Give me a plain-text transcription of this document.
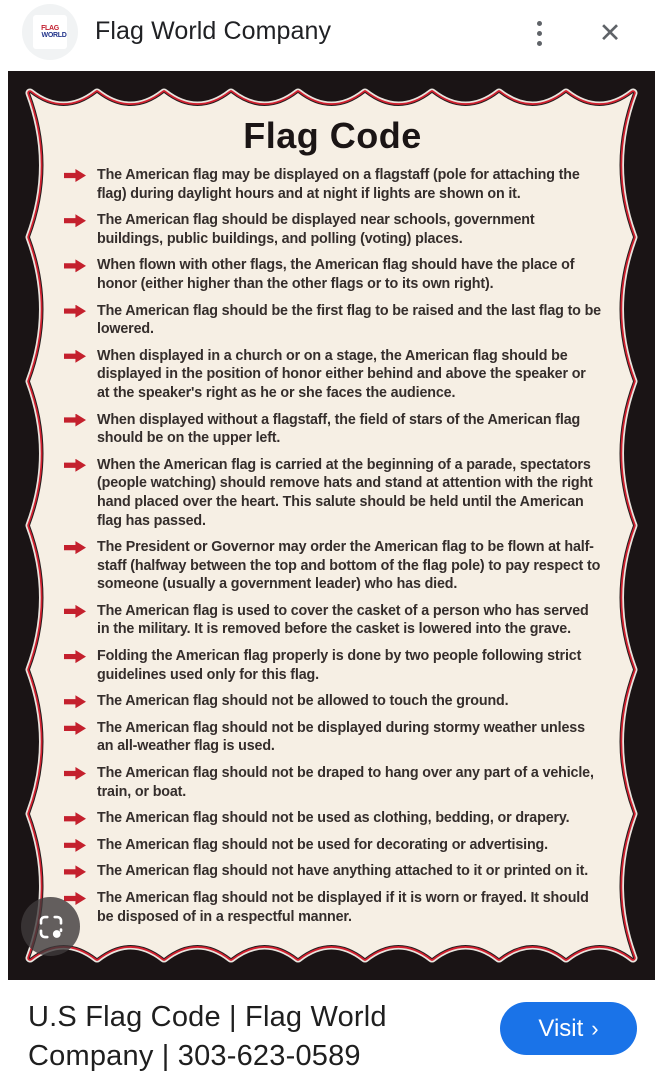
FLAG
WORLD Flag World Company	✕
Flag Code
The American flag may be displayed on a flagstaff (pole for attaching the flag) during daylight hours and at night if lights are shown on it.
The American flag should be displayed near schools, government buildings, public buildings, and polling (voting) places.
When flown with other flags, the American flag should have the place of honor (either higher than the other flags or to its own right).
The American flag should be the first flag to be raised and the last flag to be lowered.
When displayed in a church or on a stage, the American flag should be displayed in the position of honor either behind and above the speaker or at the speaker's right as he or she faces the audience.
When displayed without a flagstaff, the field of stars of the American flag should be on the upper left.
When the American flag is carried at the beginning of a parade, spectators (people watching) should remove hats and stand at attention with the right hand placed over the heart. This salute should be held until the American flag has passed.
The President or Governor may order the American flag to be flown at half-staff (halfway between the top and bottom of the flag pole) to pay respect to someone (usually a government leader) who has died.
The American flag is used to cover the casket of a person who has served in the military. It is removed before the casket is lowered into the grave.
Folding the American flag properly is done by two people following strict guidelines used only for this flag.
The American flag should not be allowed to touch the ground.
The American flag should not be displayed during stormy weather unless an all-weather flag is used.
The American flag should not be draped to hang over any part of a vehicle, train, or boat.
The American flag should not be used as clothing, bedding, or drapery.
The American flag should not be used for decorating or advertising.
The American flag should not have anything attached to it or printed on it.
The American flag should not be displayed if it is worn or frayed. It should be disposed of in a respectful manner.
U.S Flag Code | Flag World Company | 303-623-0589
Visit ›
